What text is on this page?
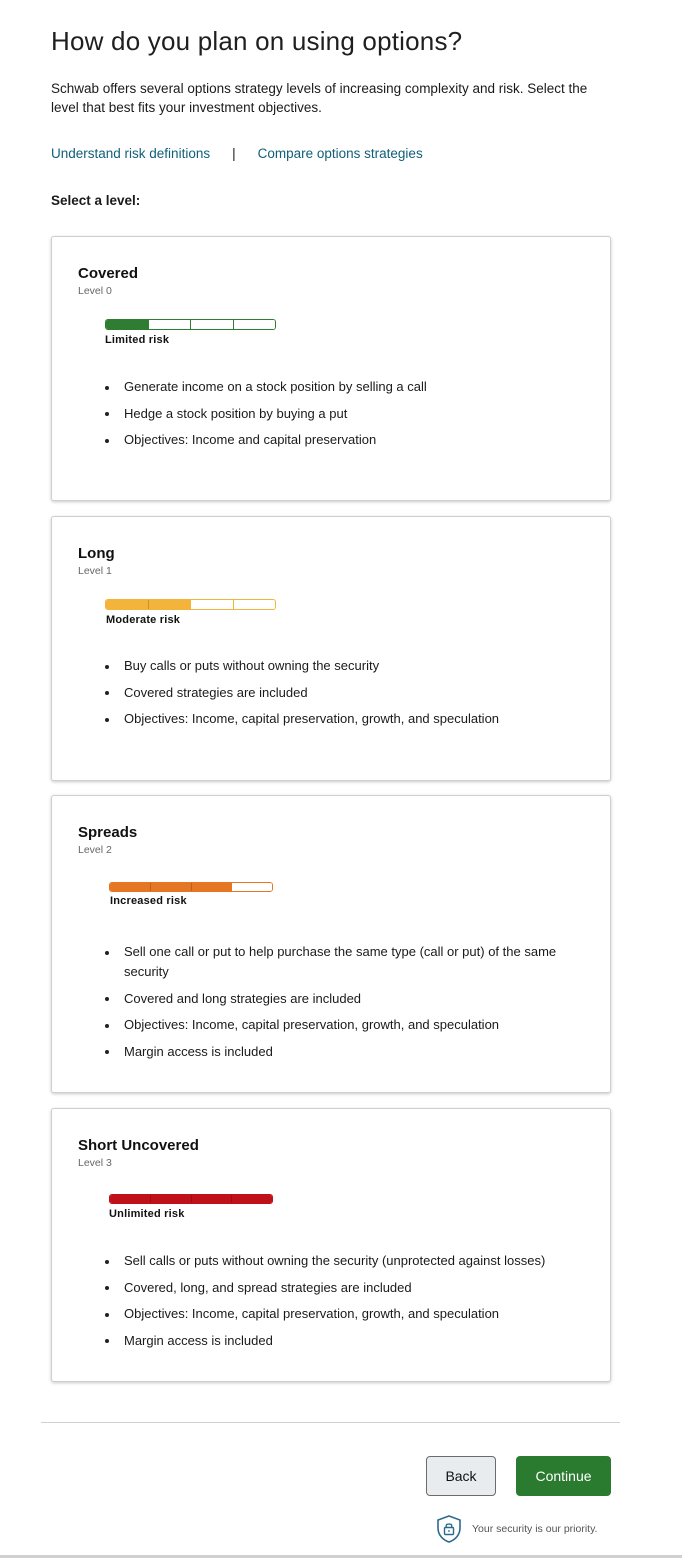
How do you plan on using options?

Schwab offers several options strategy levels of increasing complexity and risk. Select the level that best fits your investment objectives.

Understand risk definitions | Compare options strategies

Select a level:

Covered
Level 0
Limited risk
Generate income on a stock position by selling a call
Hedge a stock position by buying a put
Objectives: Income and capital preservation
Long
Level 1
Moderate risk
Buy calls or puts without owning the security
Covered strategies are included
Objectives: Income, capital preservation, growth, and speculation
Spreads
Level 2
Increased risk
Sell one call or put to help purchase the same type (call or put) of the same security
Covered and long strategies are included
Objectives: Income, capital preservation, growth, and speculation
Margin access is included
Short Uncovered
Level 3
Unlimited risk
Sell calls or puts without owning the security (unprotected against losses)
Covered, long, and spread strategies are included
Objectives: Income, capital preservation, growth, and speculation
Margin access is included
Back	Continue
Your security is our priority.
